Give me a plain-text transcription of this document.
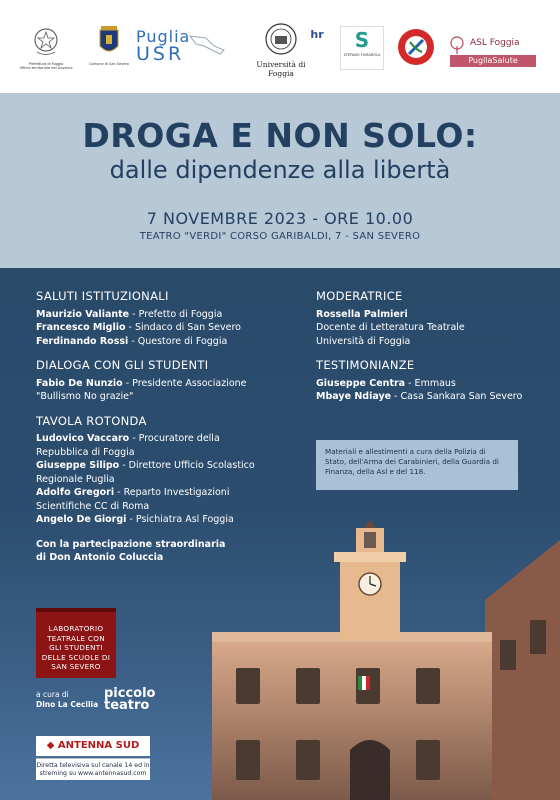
Prefettura di Foggia
Ufficio territoriale del Governo
Comune di San Severo
Puglia
USR	Università di Foggia
hr	S
STEFANO FUMAROLA
ASL Foggia
PugliaSalute
DROGA E NON SOLO:
dalle dipendenze alla libertà
7 NOVEMBRE 2023 - ORE 10.00
TEATRO "VERDI" CORSO GARIBALDI, 7 - SAN SEVERO
SALUTI ISTITUZIONALI
Maurizio Valiante - Prefetto di Foggia
Francesco Miglio - Sindaco di San Severo
Ferdinando Rossi - Questore di Foggia
DIALOGA CON GLI STUDENTI
Fabio De Nunzio - Presidente Associazione
"Bullismo No grazie"
TAVOLA ROTONDA
Ludovico Vaccaro - Procuratore della
Repubblica di Foggia
Giuseppe Silipo - Direttore Ufficio Scolastico
Regionale Puglia
Adolfo Gregori - Reparto Investigazioni
Scientifiche CC di Roma
Angelo De Giorgi - Psichiatra Asl Foggia
Con la partecipazione straordinaria
di Don Antonio Coluccia
MODERATRICE
Rossella Palmieri
Docente di Letteratura Teatrale
Università di Foggia
TESTIMONIANZE
Giuseppe Centra - Emmaus
Mbaye Ndiaye - Casa Sankara San Severo
Materiali e allestimenti a cura della Polizia di Stato, dell'Arma dei Carabinieri, della Guardia di Finanza, della Asl e del 118.
LABORATORIO TEATRALE CON GLI STUDENTI DELLE SCUOLE DI SAN SEVERO
a cura di
Dino La Cecilia
piccolo
teatro
◆ ANTENNA SUD
Diretta televisiva sul canale 14 ed in streming su www.antennasud.com
